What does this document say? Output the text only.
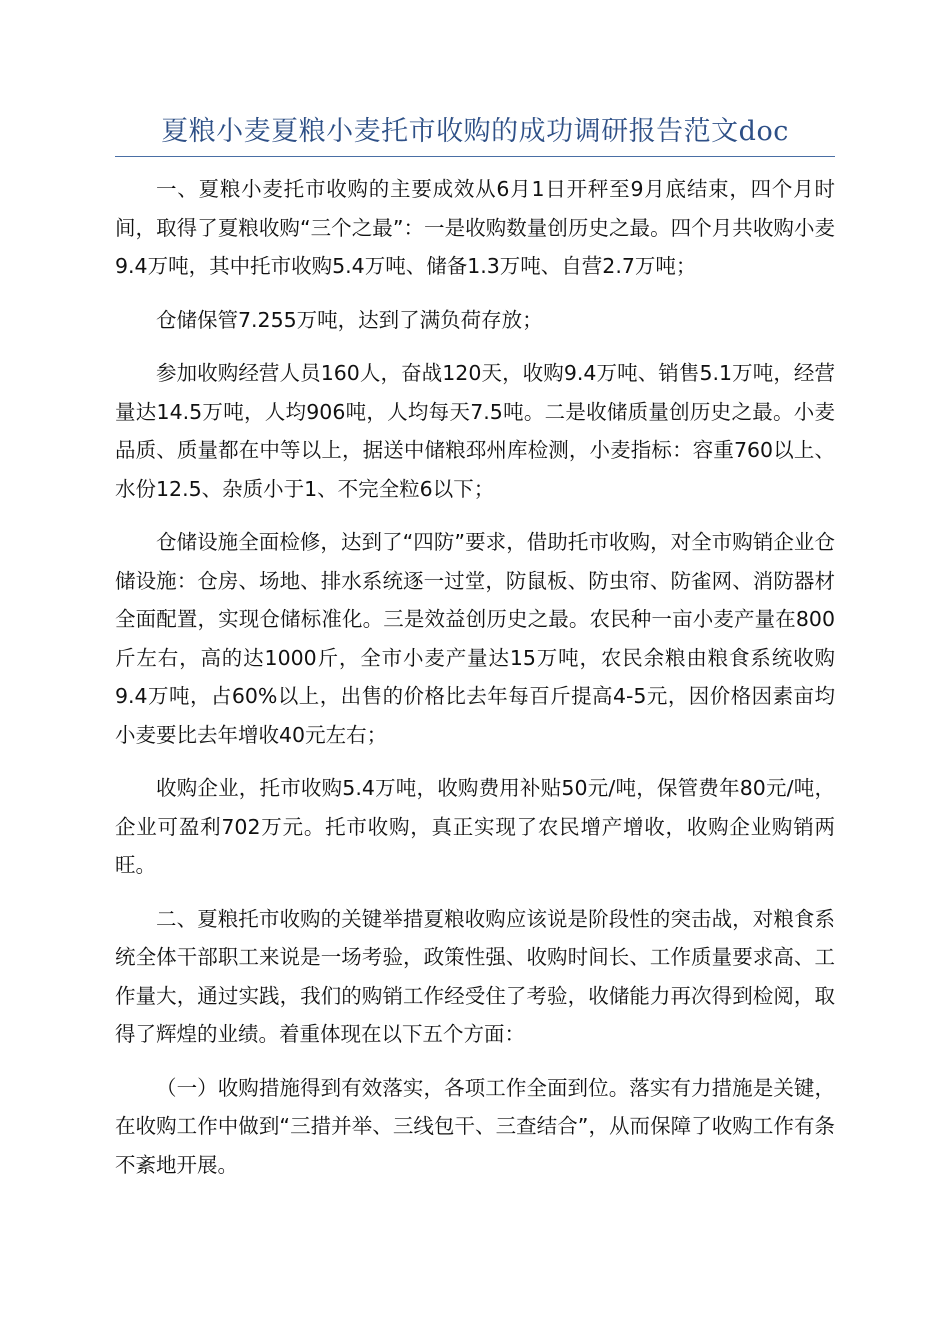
夏粮小麦夏粮小麦托市收购的成功调研报告范文doc

一、夏粮小麦托市收购的主要成效从6月1日开秤至9月底结束，四个月时间，取得了夏粮收购“三个之最”：一是收购数量创历史之最。四个月共收购小麦9.4万吨，其中托市收购5.4万吨、储备1.3万吨、自营2.7万吨；

仓储保管7.255万吨，达到了满负荷存放；

参加收购经营人员160人，奋战120天，收购9.4万吨、销售5.1万吨，经营量达14.5万吨，人均906吨，人均每天7.5吨。二是收储质量创历史之最。小麦品质、质量都在中等以上，据送中储粮邳州库检测，小麦指标：容重760以上、水份12.5、杂质小于1、不完全粒6以下；

仓储设施全面检修，达到了“四防”要求，借助托市收购，对全市购销企业仓储设施：仓房、场地、排水系统逐一过堂，防鼠板、防虫帘、防雀网、消防器材全面配置，实现仓储标准化。三是效益创历史之最。农民种一亩小麦产量在800斤左右，高的达1000斤，全市小麦产量达15万吨，农民余粮由粮食系统收购9.4万吨，占60%以上，出售的价格比去年每百斤提高4-5元，因价格因素亩均小麦要比去年增收40元左右；

收购企业，托市收购5.4万吨，收购费用补贴50元/吨，保管费年80元/吨，企业可盈利702万元。托市收购，真正实现了农民增产增收，收购企业购销两旺。

二、夏粮托市收购的关键举措夏粮收购应该说是阶段性的突击战，对粮食系统全体干部职工来说是一场考验，政策性强、收购时间长、工作质量要求高、工作量大，通过实践，我们的购销工作经受住了考验，收储能力再次得到检阅，取得了辉煌的业绩。着重体现在以下五个方面：

（一）收购措施得到有效落实，各项工作全面到位。落实有力措施是关键，在收购工作中做到“三措并举、三线包干、三查结合”，从而保障了收购工作有条不紊地开展。
